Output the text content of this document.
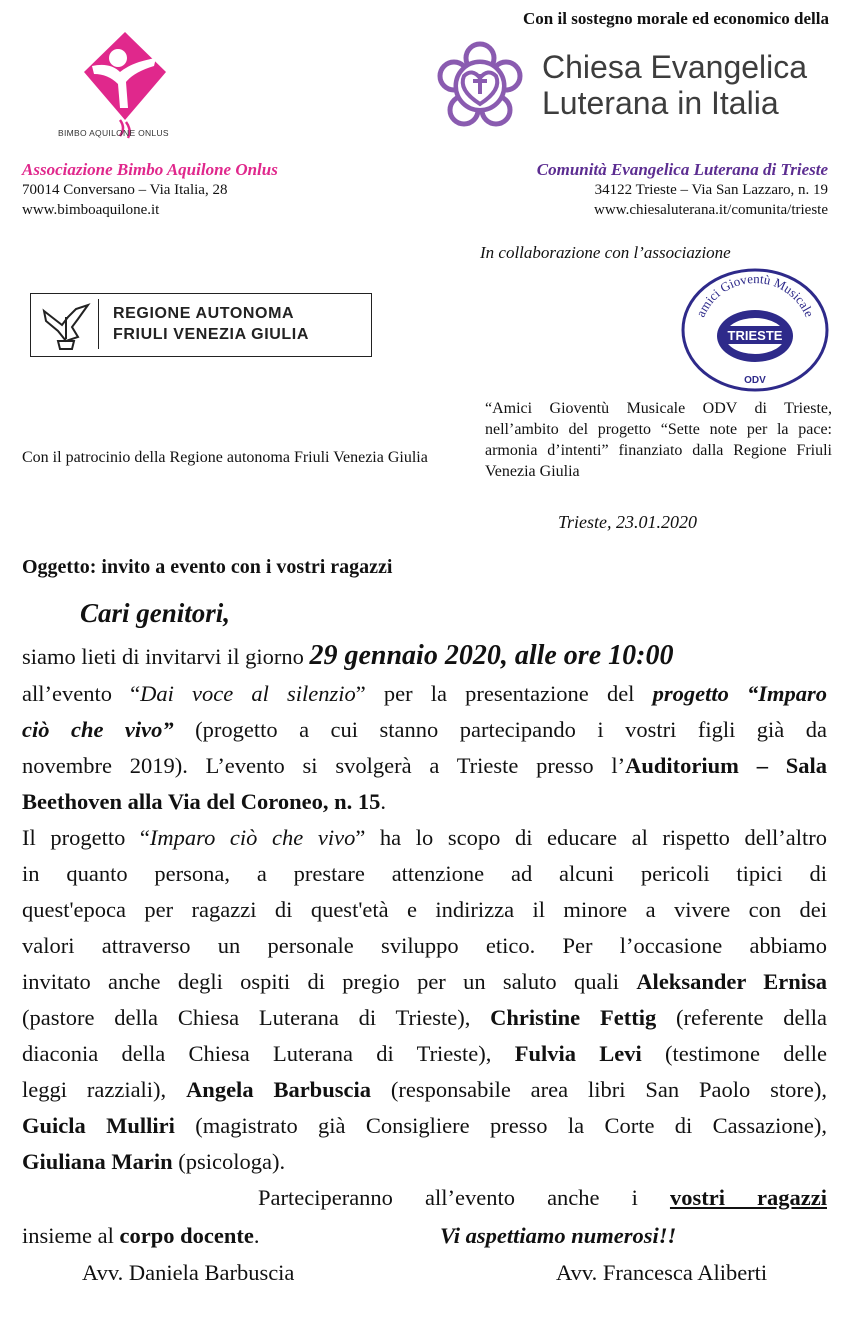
Con il sostegno morale ed economico della
BIMBO AQUILONE ONLUS
Chiesa Evangelica
Luterana in Italia
Associazione Bimbo Aquilone Onlus
70014 Conversano – Via Italia, 28
www.bimboaquilone.it
Comunità Evangelica Luterana di Trieste
34122 Trieste – Via San Lazzaro, n. 19
www.chiesaluterana.it/comunita/trieste
In collaborazione con l’associazione
REGIONE AUTONOMA
FRIULI VENEZIA GIULIA
amici Gioventù Musicale
TRIESTE
ODV
“Amici Gioventù Musicale ODV di Trieste, nell’ambito del progetto “Sette note per la pace: armonia d’intenti” finanziato dalla Regione Friuli Venezia Giulia
Con il patrocinio della Regione autonoma Friuli Venezia Giulia
Trieste, 23.01.2020
Oggetto: invito a evento con i vostri ragazzi
Cari genitori,
siamo lieti di invitarvi il giorno 29 gennaio 2020, alle ore 10:00
all’evento “Dai voce al silenzio” per la presentazione del progetto “Imparo
ciò che vivo” (progetto a cui stanno partecipando i vostri figli già da
novembre 2019). L’evento si svolgerà a Trieste presso l’Auditorium – Sala
Beethoven alla Via del Coroneo, n. 15.
Il progetto “Imparo ciò che vivo” ha lo scopo di educare al rispetto dell’altro
in quanto persona, a prestare attenzione ad alcuni pericoli tipici di
quest'epoca per ragazzi di quest'età e indirizza il minore a vivere con dei
valori attraverso un personale sviluppo etico. Per l’occasione abbiamo
invitato anche degli ospiti di pregio per un saluto quali Aleksander Ernisa
(pastore della Chiesa Luterana di Trieste), Christine Fettig (referente della
diaconia della Chiesa Luterana di Trieste), Fulvia Levi (testimone delle
leggi razziali), Angela Barbuscia (responsabile area libri San Paolo store),
Guicla Mulliri (magistrato già Consigliere presso la Corte di Cassazione),
Giuliana Marin (psicologa).
Parteciperanno all’evento anche i vostri ragazzi
insieme al corpo docente.	Vi aspettiamo numerosi!!
Avv. Daniela Barbuscia	Avv. Francesca Aliberti
